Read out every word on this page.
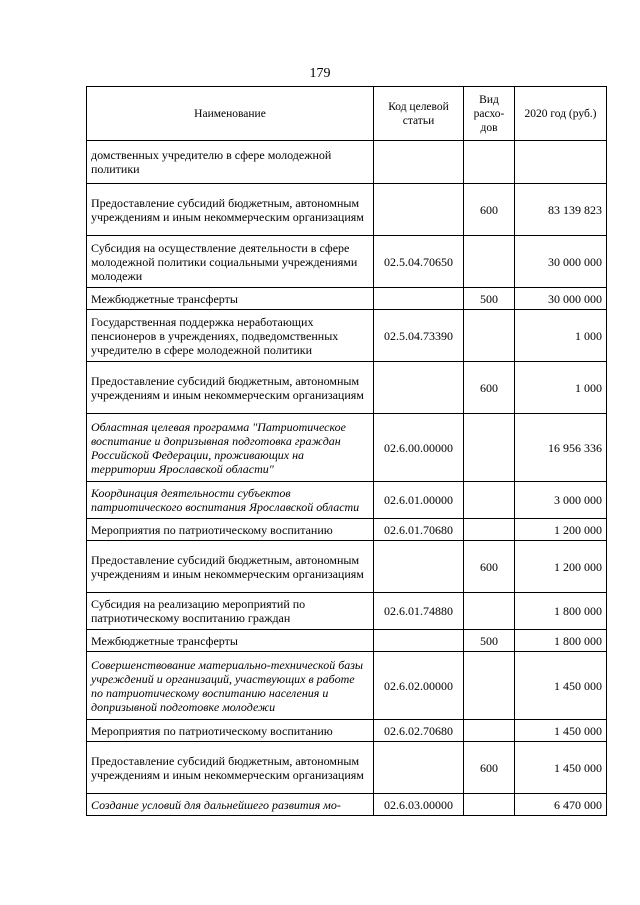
179
Наименование	Код целевой статьи	Вид расхо-дов	2020 год (руб.)
домственных учредителю в сфере молодежной политики			
Предоставление субсидий бюджетным, автономным учреждениям и иным некоммерческим организациям		600	83 139 823
Субсидия на осуществление деятельности в сфере молодежной политики социальными учреждениями молодежи	02.5.04.70650		30 000 000
Межбюджетные трансферты		500	30 000 000
Государственная поддержка неработающих пенсионеров в учреждениях, подведомственных учредителю в сфере молодежной политики	02.5.04.73390		1 000
Предоставление субсидий бюджетным, автономным учреждениям и иным некоммерческим организациям		600	1 000
Областная целевая программа "Патриотическое воспитание и допризывная подготовка граждан Российской Федерации, проживающих на территории Ярославской области"	02.6.00.00000		16 956 336
Координация деятельности субъектов патриотического воспитания Ярославской области	02.6.01.00000		3 000 000
Мероприятия по патриотическому воспитанию	02.6.01.70680		1 200 000
Предоставление субсидий бюджетным, автономным учреждениям и иным некоммерческим организациям		600	1 200 000
Субсидия на реализацию мероприятий по патриотическому воспитанию граждан	02.6.01.74880		1 800 000
Межбюджетные трансферты		500	1 800 000
Совершенствование материально-технической базы учреждений и организаций, участвующих в работе по патриотическому воспитанию населения и допризывной подготовке молодежи	02.6.02.00000		1 450 000
Мероприятия по патриотическому воспитанию	02.6.02.70680		1 450 000
Предоставление субсидий бюджетным, автономным учреждениям и иным некоммерческим организациям		600	1 450 000
Создание условий для дальнейшего развития мо-	02.6.03.00000		6 470 000
